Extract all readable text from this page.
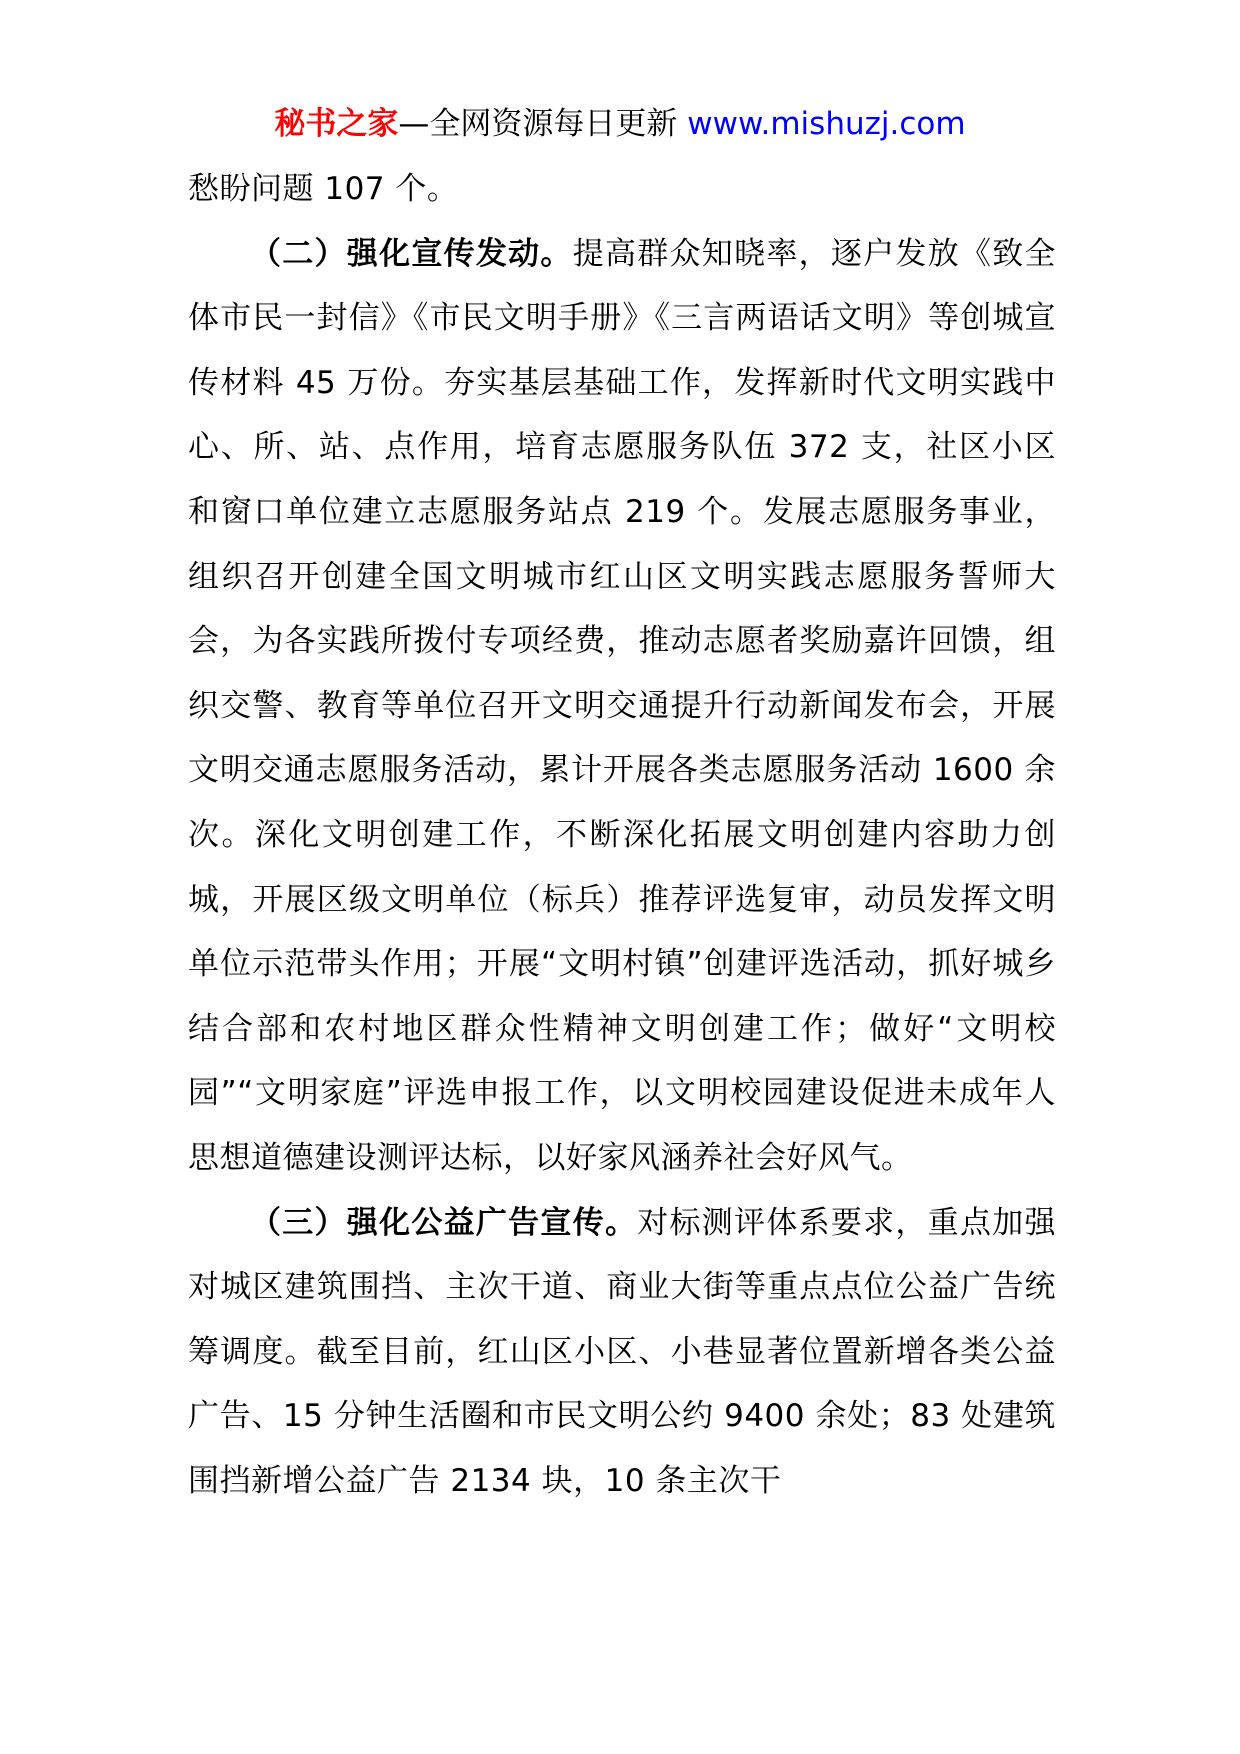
秘书之家—全网资源每日更新 www.mishuzj.com

愁盼问题 107 个。

（二）强化宣传发动。提高群众知晓率，逐户发放《致全体市民一封信》《市民文明手册》《三言两语话文明》等创城宣传材料 45 万份。夯实基层基础工作，发挥新时代文明实践中心、所、站、点作用，培育志愿服务队伍 372 支，社区小区和窗口单位建立志愿服务站点 219 个。发展志愿服务事业，组织召开创建全国文明城市红山区文明实践志愿服务誓师大会，为各实践所拨付专项经费，推动志愿者奖励嘉许回馈，组织交警、教育等单位召开文明交通提升行动新闻发布会，开展文明交通志愿服务活动，累计开展各类志愿服务活动 1600 余次。深化文明创建工作，不断深化拓展文明创建内容助力创城，开展区级文明单位（标兵）推荐评选复审，动员发挥文明单位示范带头作用；开展“文明村镇”创建评选活动，抓好城乡结合部和农村地区群众性精神文明创建工作；做好“文明校园”“文明家庭”评选申报工作，以文明校园建设促进未成年人思想道德建设测评达标，以好家风涵养社会好风气。

（三）强化公益广告宣传。对标测评体系要求，重点加强对城区建筑围挡、主次干道、商业大街等重点点位公益广告统筹调度。截至目前，红山区小区、小巷显著位置新增各类公益广告、15 分钟生活圈和市民文明公约 9400 余处；83 处建筑围挡新增公益广告 2134 块，10 条主次干
